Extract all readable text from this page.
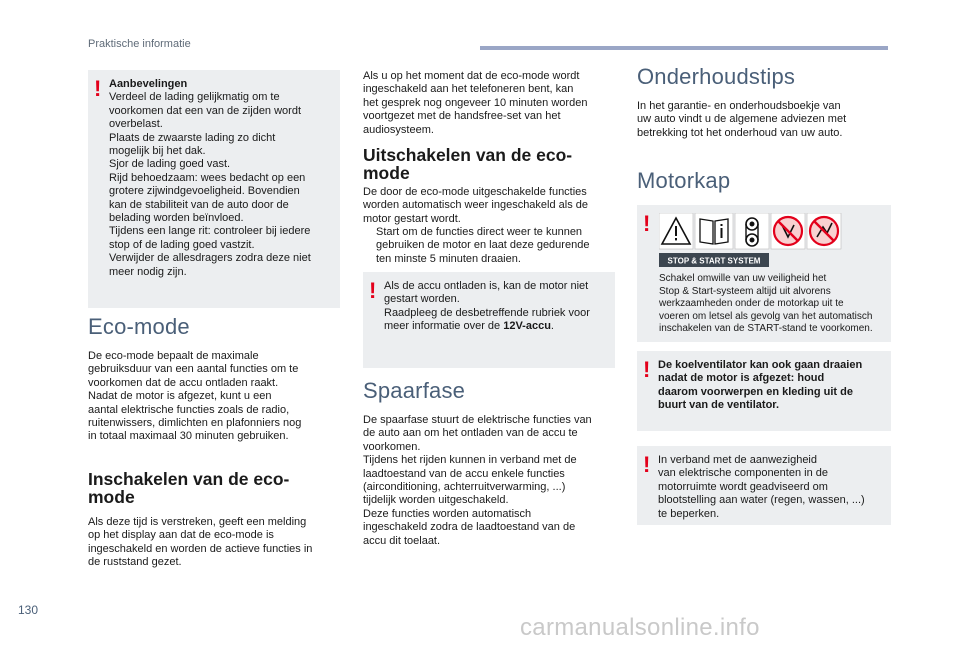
Praktische informatie
! Aanbevelingen
Verdeel de lading gelijkmatig om te
voorkomen dat een van de zijden wordt
overbelast.
Plaats de zwaarste lading zo dicht
mogelijk bij het dak.
Sjor de lading goed vast.
Rijd behoedzaam: wees bedacht op een
grotere zijwindgevoeligheid. Bovendien
kan de stabiliteit van de auto door de
belading worden beïnvloed.
Tijdens een lange rit: controleer bij iedere
stop of de lading goed vastzit.
Verwijder de allesdragers zodra deze niet
meer nodig zijn.
Eco-mode
De eco-mode bepaalt de maximale
gebruiksduur van een aantal functies om te
voorkomen dat de accu ontladen raakt.
Nadat de motor is afgezet, kunt u een
aantal elektrische functies zoals de radio,
ruitenwissers, dimlichten en plafonniers nog
in totaal maximaal 30 minuten gebruiken.
Inschakelen van de eco-
mode
Als deze tijd is verstreken, geeft een melding
op het display aan dat de eco-mode is
ingeschakeld en worden de actieve functies in
de ruststand gezet.
Als u op het moment dat de eco-mode wordt
ingeschakeld aan het telefoneren bent, kan
het gesprek nog ongeveer 10 minuten worden
voortgezet met de handsfree-set van het
audiosysteem.
Uitschakelen van de eco-
mode
De door de eco-mode uitgeschakelde functies
worden automatisch weer ingeschakeld als de
motor gestart wordt.
Start om de functies direct weer te kunnen
gebruiken de motor en laat deze gedurende
ten minste 5 minuten draaien.
! Als de accu ontladen is, kan de motor niet
gestart worden.
Raadpleeg de desbetreffende rubriek voor
meer informatie over de 12V-accu.
Spaarfase
De spaarfase stuurt de elektrische functies van
de auto aan om het ontladen van de accu te
voorkomen.
Tijdens het rijden kunnen in verband met de
laadtoestand van de accu enkele functies
(airconditioning, achterruitverwarming, ...)
tijdelijk worden uitgeschakeld.
Deze functies worden automatisch
ingeschakeld zodra de laadtoestand van de
accu dit toelaat.
Onderhoudstips
In het garantie- en onderhoudsboekje van
uw auto vindt u de algemene adviezen met
betrekking tot het onderhoud van uw auto.
Motorkap
!
STOP & START SYSTEM
Schakel omwille van uw veiligheid het
Stop & Start-systeem altijd uit alvorens
werkzaamheden onder de motorkap uit te
voeren om letsel als gevolg van het automatisch
inschakelen van de START-stand te voorkomen.
! De koelventilator kan ook gaan draaien
nadat de motor is afgezet: houd
daarom voorwerpen en kleding uit de
buurt van de ventilator.
! In verband met de aanwezigheid
van elektrische componenten in de
motorruimte wordt geadviseerd om
blootstelling aan water (regen, wassen, ...)
te beperken.
130
carmanualsonline.info
